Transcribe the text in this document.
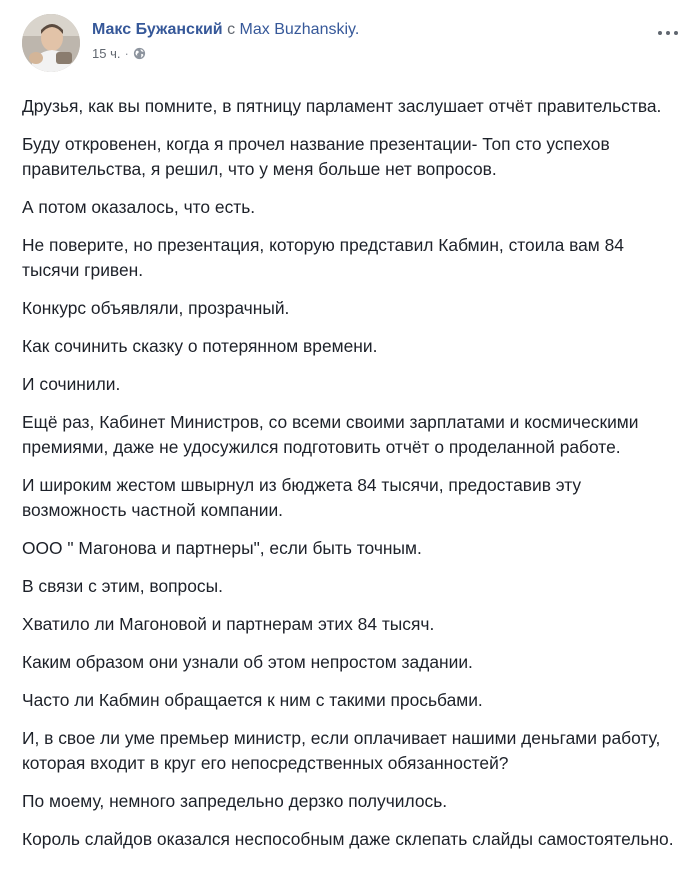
Макс Бужанский с Max Buzhanskiy.
15 ч. ·

Друзья, как вы помните, в пятницу парламент заслушает отчёт правительства.

Буду откровенен, когда я прочел название презентации- Топ сто успехов правительства, я решил, что у меня больше нет вопросов.

А потом оказалось, что есть.

Не поверите, но презентация, которую представил Кабмин, стоила вам 84 тысячи гривен.

Конкурс объявляли, прозрачный.

Как сочинить сказку о потерянном времени.

И сочинили.

Ещё раз, Кабинет Министров, со всеми своими зарплатами и космическими премиями, даже не удосужился подготовить отчёт о проделанной работе.

И широким жестом швырнул из бюджета 84 тысячи, предоставив эту возможность частной компании.

ООО " Магонова и партнеры", если быть точным.

В связи с этим, вопросы.

Хватило ли Магоновой и партнерам этих 84 тысяч.

Каким образом они узнали об этом непростом задании.

Часто ли Кабмин обращается к ним с такими просьбами.

И, в свое ли уме премьер министр, если оплачивает нашими деньгами работу, которая входит в круг его непосредственных обязанностей?

По моему, немного запредельно дерзко получилось.

Король слайдов оказался неспособным даже склепать слайды самостоятельно.
